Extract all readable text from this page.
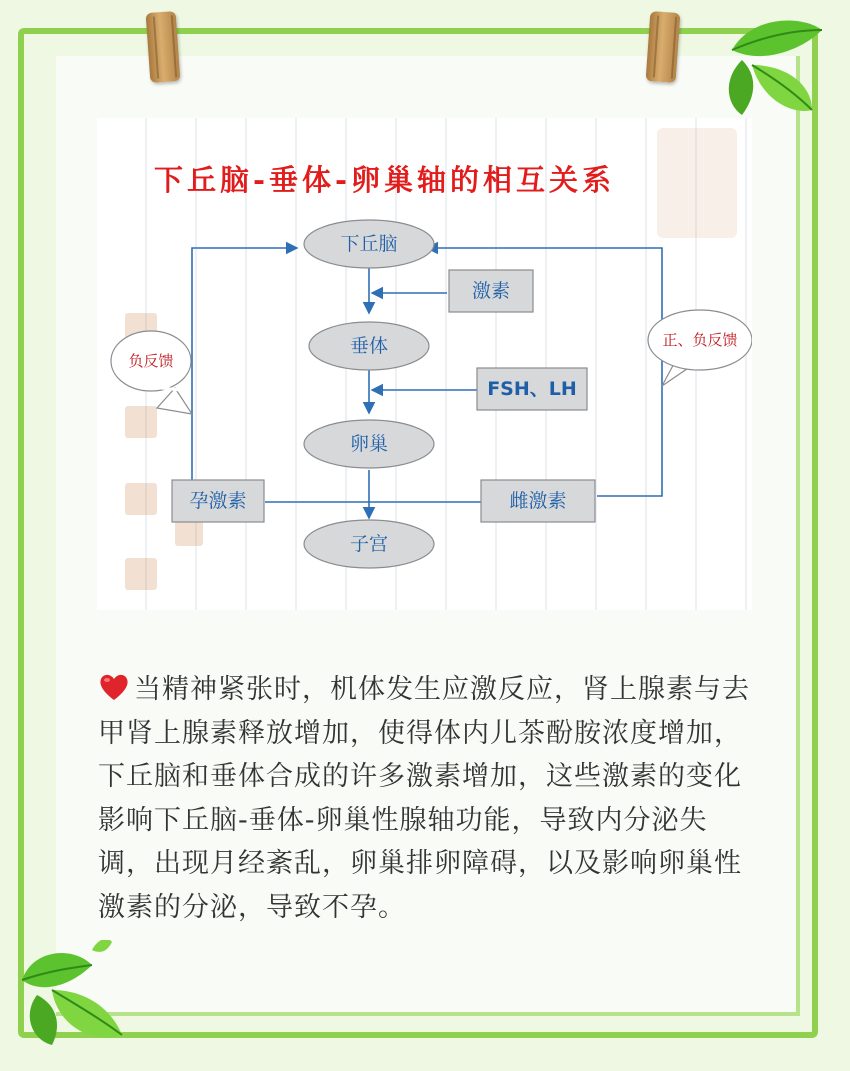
下丘脑-垂体-卵巢轴的相互关系
下丘脑
垂体
卵巢
子宫
激素
FSH、LH
孕激素	雌激素
负反馈
正、负反馈
当精神紧张时，机体发生应激反应，肾上腺素与去甲肾上腺素释放增加，使得体内儿茶酚胺浓度增加，下丘脑和垂体合成的许多激素增加，这些激素的变化影响下丘脑-垂体-卵巢性腺轴功能，导致内分泌失调，出现月经紊乱，卵巢排卵障碍，以及影响卵巢性激素的分泌，导致不孕。
